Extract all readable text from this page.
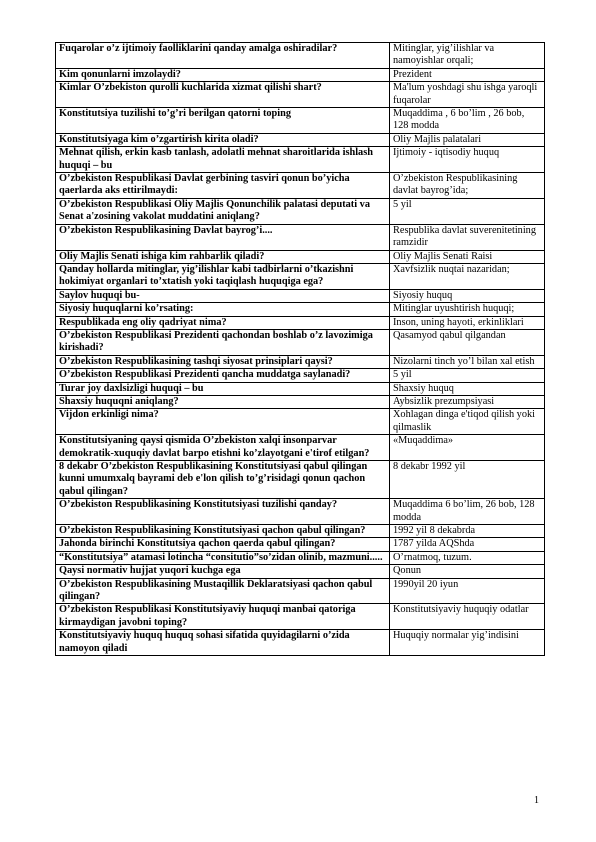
Fuqarolar o’z ijtimoiy faolliklarini qanday amalga oshiradilar?	Mitinglar, yig’ilishlar va namoyishlar orqali;
Kim qonunlarni imzolaydi?	Prezident
Kimlar O’zbekiston qurolli kuchlarida xizmat qilishi shart?	Ma'lum yoshdagi shu ishga yaroqli fuqarolar
Konstitutsiya tuzilishi to’g’ri berilgan qatorni toping	Muqaddima , 6 bo’lim , 26 bob, 128 modda
Konstitutsiyaga kim o’zgartirish kirita oladi?	Oliy Majlis palatalari
Mehnat qilish, erkin kasb tanlash, adolatli mehnat sharoitlarida ishlash huquqi – bu	Ijtimoiy - iqtisodiy huquq
O’zbekiston Respublikasi Davlat gerbining tasviri qonun bo’yicha qaerlarda aks ettirilmaydi:	O’zbekiston Respublikasining davlat bayrog’ida;
O’zbekiston Respublikasi Oliy Majlis Qonunchilik palatasi deputati va Senat a'zosining vakolat muddatini aniqlang?	5 yil
O’zbekiston Respublikasining Davlat bayrog’i....	Respublika davlat suverenitetining ramzidir
Oliy Majlis Senati ishiga kim rahbarlik qiladi?	Oliy Majlis Senati Raisi
Qanday hollarda mitinglar, yig’ilishlar kabi tadbirlarni o’tkazishni hokimiyat organlari to’xtatish yoki taqiqlash huquqiga ega?	Xavfsizlik nuqtai nazaridan;
Saylov huquqi bu-	Siyosiy huquq
Siyosiy huquqlarni ko’rsating:	Mitinglar uyushtirish huquqi;
Respublikada eng oliy qadriyat nima?	Inson, uning hayoti, erkinliklari
O’zbekiston Respublikasi Prezidenti qachondan boshlab o’z lavozimiga kirishadi?	Qasamyod qabul qilgandan
O’zbekiston Respublikasining tashqi siyosat prinsiplari qaysi?	Nizolarni tinch yo’l bilan xal etish
O’zbekiston Respublikasi Prezidenti qancha muddatga saylanadi?	5 yil
Turar joy daxlsizligi huquqi – bu	Shaxsiy huquq
Shaxsiy huquqni aniqlang?	Aybsizlik prezumpsiyasi
Vijdon erkinligi nima?	Xohlagan dinga e'tiqod qilish yoki qilmaslik
Konstitutsiyaning qaysi qismida O’zbekiston xalqi insonparvar demokratik-xuquqiy davlat barpo etishni ko’zlayotgani e'tirof etilgan?	«Muqaddima»
8 dekabr O’zbekiston Respublikasining Konstitutsiyasi qabul qilingan kunni umumxalq bayrami deb e'lon qilish to’g’risidagi qonun qachon qabul qilingan?	8 dekabr 1992 yil
O’zbekiston Respublikasining Konstitutsiyasi tuzilishi qanday?	Muqaddima 6 bo’lim, 26 bob, 128 modda
O’zbekiston Respublikasining Konstitutsiyasi qachon qabul qilingan?	1992 yil 8 dekabrda
Jahonda birinchi Konstitutsiya qachon qaerda qabul qilingan?	1787 yilda AQShda
“Konstitutsiya” atamasi lotincha “consitutio”so’zidan olinib, mazmuni.....	O’rnatmoq, tuzum.
Qaysi normativ hujjat yuqori kuchga ega	Qonun
O’zbekiston Respublikasining Mustaqillik Deklaratsiyasi qachon qabul qilingan?	1990yil 20 iyun
O’zbekiston Respublikasi Konstitutsiyaviy huquqi manbai qatoriga kirmaydigan javobni toping?	Konstitutsiyaviy huquqiy odatlar
Konstitutsiyaviy huquq huquq sohasi sifatida quyidagilarni o’zida namoyon qiladi	Huquqiy normalar yig’indisini
1
